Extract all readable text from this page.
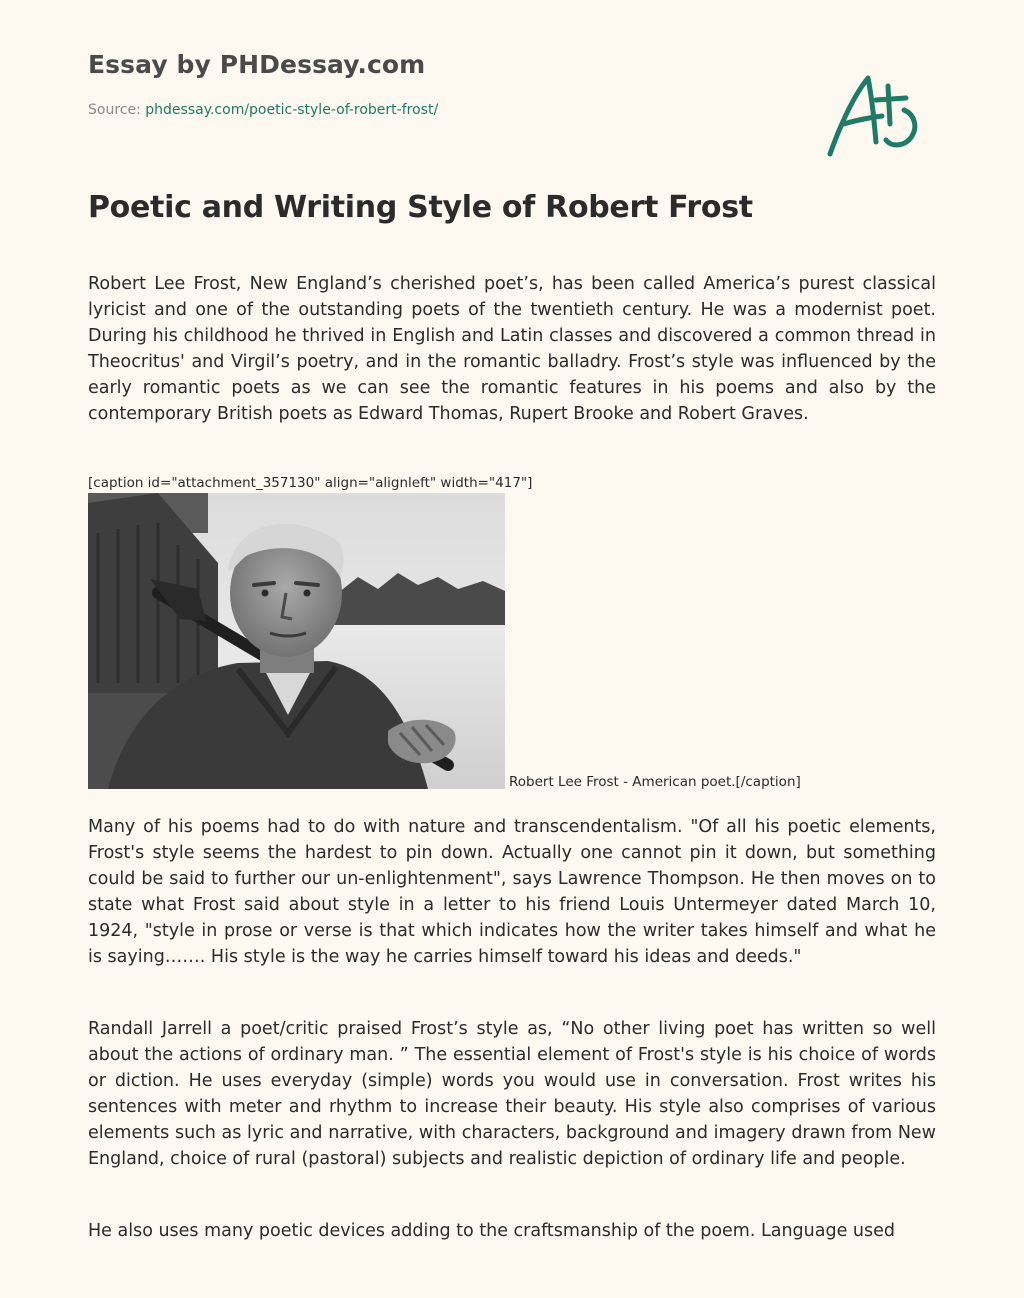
Essay by PHDessay.com
Source: phdessay.com/poetic-style-of-robert-frost/
Poetic and Writing Style of Robert Frost

Robert Lee Frost, New England’s cherished poet’s, has been called America’s purest classical lyricist and one of the outstanding poets of the twentieth century. He was a modernist poet. During his childhood he thrived in English and Latin classes and discovered a common thread in Theocritus' and Virgil’s poetry, and in the romantic balladry. Frost’s style was influenced by the early romantic poets as we can see the romantic features in his poems and also by the contemporary British poets as Edward Thomas, Rupert Brooke and Robert Graves.

[caption id="attachment_357130" align="alignleft" width="417"]
Robert Lee Frost - American poet.[/caption]

Many of his poems had to do with nature and transcendentalism. "Of all his poetic elements, Frost's style seems the hardest to pin down. Actually one cannot pin it down, but something could be said to further our un-enlightenment", says Lawrence Thompson. He then moves on to state what Frost said about style in a letter to his friend Louis Untermeyer dated March 10, 1924, "style in prose or verse is that which indicates how the writer takes himself and what he is saying……. His style is the way he carries himself toward his ideas and deeds."

Randall Jarrell a poet/critic praised Frost’s style as, “No other living poet has written so well about the actions of ordinary man. ” The essential element of Frost's style is his choice of words or diction. He uses everyday (simple) words you would use in conversation. Frost writes his sentences with meter and rhythm to increase their beauty. His style also comprises of various elements such as lyric and narrative, with characters, background and imagery drawn from New England, choice of rural (pastoral) subjects and realistic depiction of ordinary life and people.

He also uses many poetic devices adding to the craftsmanship of the poem. Language used
